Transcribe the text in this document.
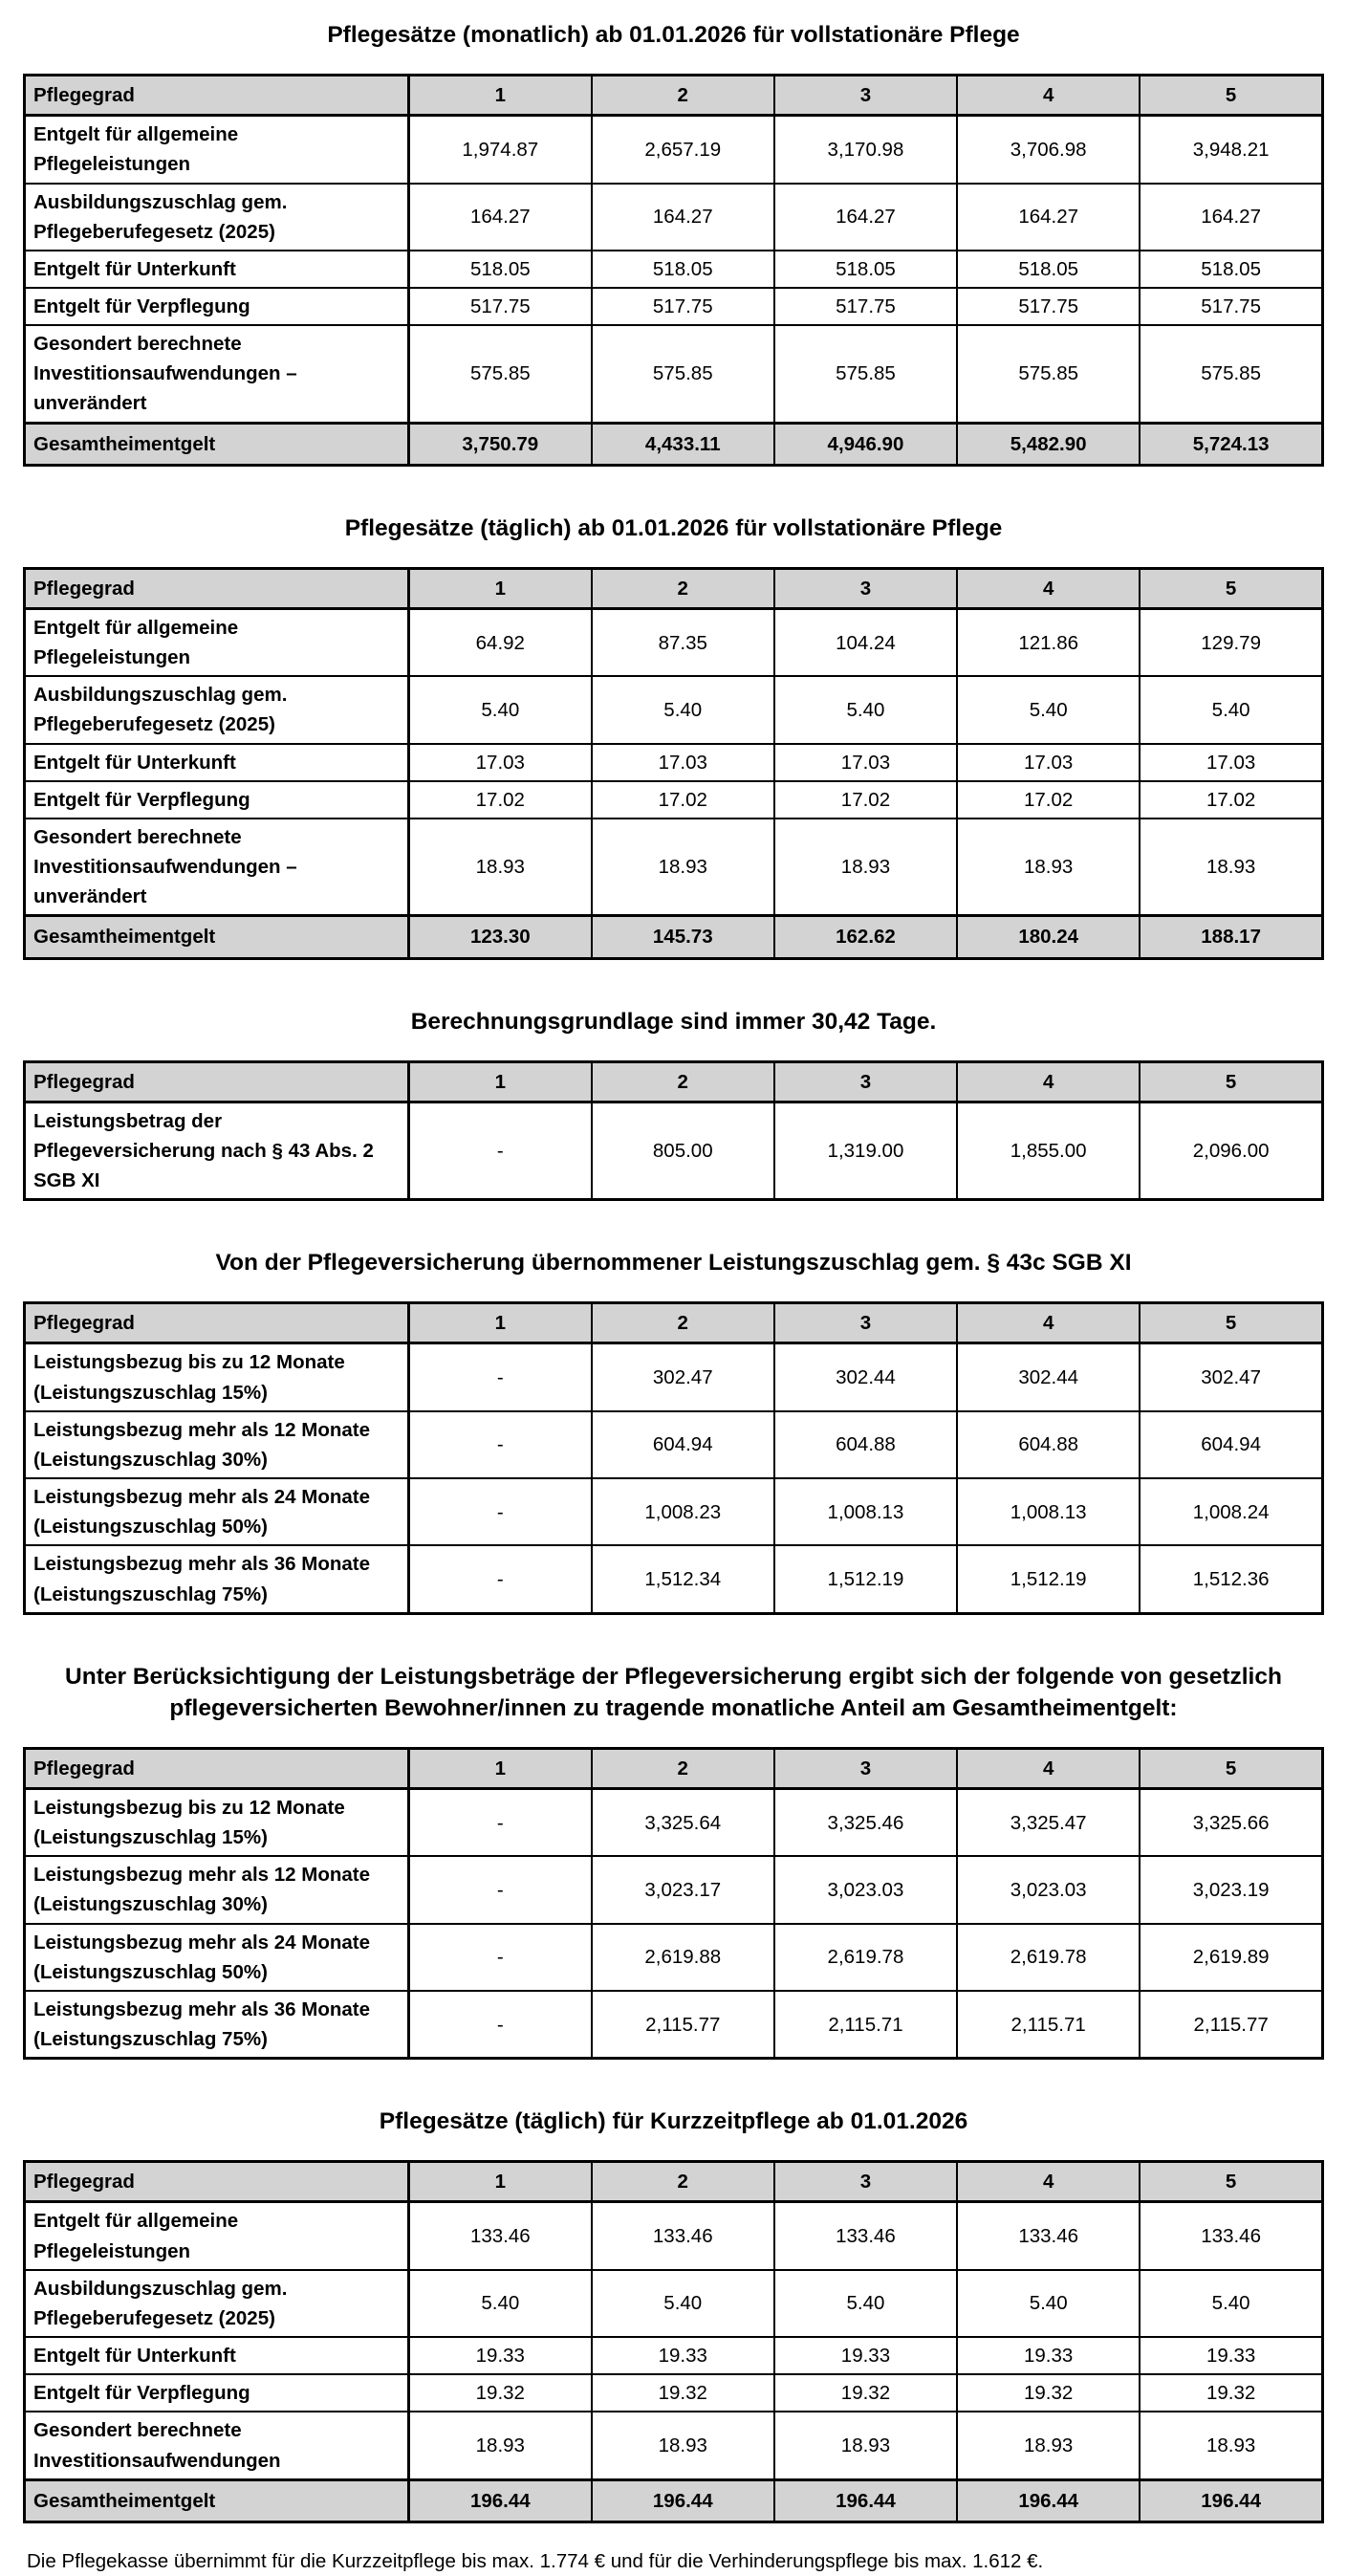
Pflegesätze (monatlich) ab 01.01.2026 für vollstationäre Pflege
Pflegegrad	1	2	3	4	5
Entgelt für allgemeine Pflegeleistungen	1,974.87	2,657.19	3,170.98	3,706.98	3,948.21
Ausbildungszuschlag gem. Pflegeberufegesetz (2025)	164.27	164.27	164.27	164.27	164.27
Entgelt für Unterkunft	518.05	518.05	518.05	518.05	518.05
Entgelt für Verpflegung	517.75	517.75	517.75	517.75	517.75
Gesondert berechnete Investitionsaufwendungen – unverändert	575.85	575.85	575.85	575.85	575.85
Gesamtheimentgelt	3,750.79	4,433.11	4,946.90	5,482.90	5,724.13
Pflegesätze (täglich) ab 01.01.2026 für vollstationäre Pflege
Pflegegrad	1	2	3	4	5
Entgelt für allgemeine Pflegeleistungen	64.92	87.35	104.24	121.86	129.79
Ausbildungszuschlag gem. Pflegeberufegesetz (2025)	5.40	5.40	5.40	5.40	5.40
Entgelt für Unterkunft	17.03	17.03	17.03	17.03	17.03
Entgelt für Verpflegung	17.02	17.02	17.02	17.02	17.02
Gesondert berechnete Investitionsaufwendungen – unverändert	18.93	18.93	18.93	18.93	18.93
Gesamtheimentgelt	123.30	145.73	162.62	180.24	188.17
Berechnungsgrundlage sind immer 30,42 Tage.
Pflegegrad	1	2	3	4	5
Leistungsbetrag der Pflegeversicherung nach § 43 Abs. 2 SGB XI	-	805.00	1,319.00	1,855.00	2,096.00
Von der Pflegeversicherung übernommener Leistungszuschlag gem. § 43c SGB XI
Pflegegrad	1	2	3	4	5
Leistungsbezug bis zu 12 Monate (Leistungszuschlag 15%)	-	302.47	302.44	302.44	302.47
Leistungsbezug mehr als 12 Monate (Leistungszuschlag 30%)	-	604.94	604.88	604.88	604.94
Leistungsbezug mehr als 24 Monate (Leistungszuschlag 50%)	-	1,008.23	1,008.13	1,008.13	1,008.24
Leistungsbezug mehr als 36 Monate (Leistungszuschlag 75%)	-	1,512.34	1,512.19	1,512.19	1,512.36
Unter Berücksichtigung der Leistungsbeträge der Pflegeversicherung ergibt sich der folgende von gesetzlich pflegeversicherten Bewohner/innen zu tragende monatliche Anteil am Gesamtheimentgelt:
Pflegegrad	1	2	3	4	5
Leistungsbezug bis zu 12 Monate (Leistungszuschlag 15%)	-	3,325.64	3,325.46	3,325.47	3,325.66
Leistungsbezug mehr als 12 Monate (Leistungszuschlag 30%)	-	3,023.17	3,023.03	3,023.03	3,023.19
Leistungsbezug mehr als 24 Monate (Leistungszuschlag 50%)	-	2,619.88	2,619.78	2,619.78	2,619.89
Leistungsbezug mehr als 36 Monate (Leistungszuschlag 75%)	-	2,115.77	2,115.71	2,115.71	2,115.77
Pflegesätze (täglich) für Kurzzeitpflege ab 01.01.2026
Pflegegrad	1	2	3	4	5
Entgelt für allgemeine Pflegeleistungen	133.46	133.46	133.46	133.46	133.46
Ausbildungszuschlag gem. Pflegeberufegesetz (2025)	5.40	5.40	5.40	5.40	5.40
Entgelt für Unterkunft	19.33	19.33	19.33	19.33	19.33
Entgelt für Verpflegung	19.32	19.32	19.32	19.32	19.32
Gesondert berechnete Investitionsaufwendungen	18.93	18.93	18.93	18.93	18.93
Gesamtheimentgelt	196.44	196.44	196.44	196.44	196.44

Die Pflegekasse übernimmt für die Kurzzeitpflege bis max. 1.774 € und für die Verhinderungspflege bis max. 1.612 €.
